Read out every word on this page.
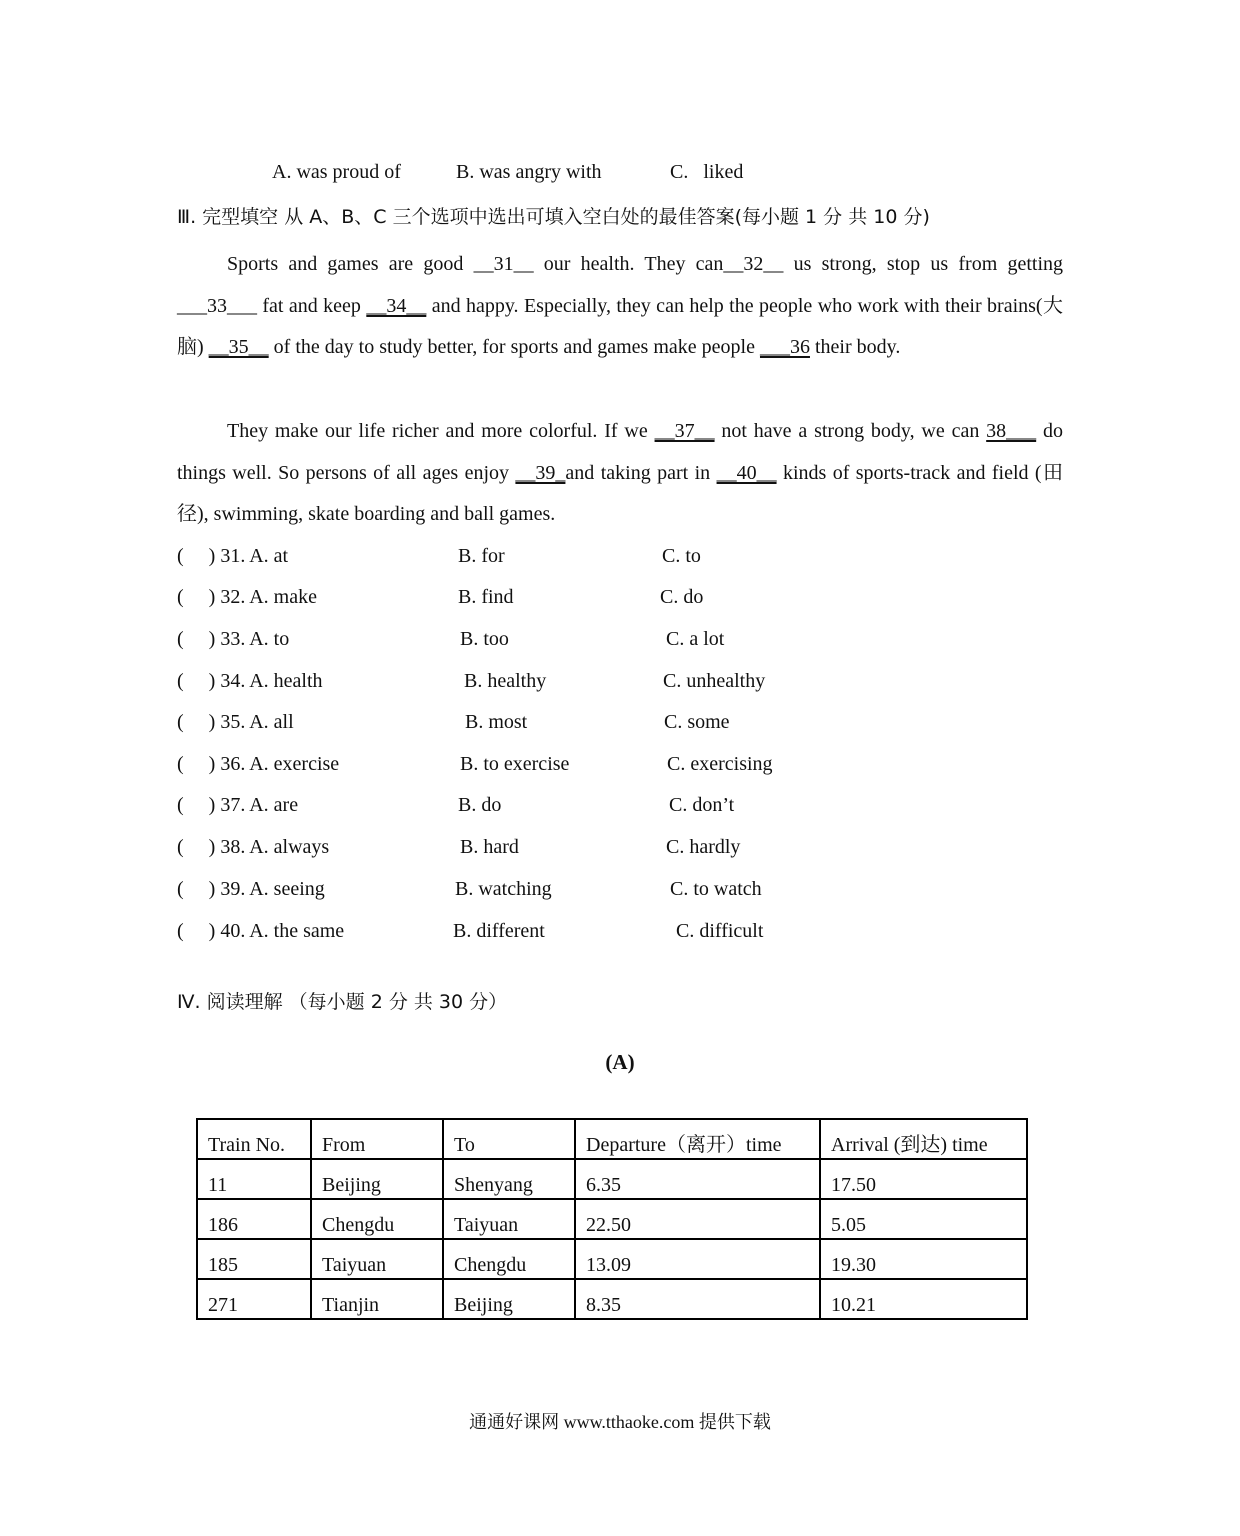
A. was proud of	B. was angry with	C.   liked
Ⅲ. 完型填空 从 A、B、C 三个选项中选出可填入空白处的最佳答案(每小题 1 分 共 10 分)
Sports and games are good __31__ our health. They can__32__ us strong, stop us from getting ___33___ fat and keep __34__ and happy. Especially, they can help the people who work with their brains(大脑) __35__ of the day to study better, for sports and games make people ___36 their body.
They make our life richer and more colorful. If we __37__ not have a strong body, we can 38___ do things well. So persons of all ages enjoy __39_and taking part in __40__ kinds of sports-track and field (田径), swimming, skate boarding and ball games.
(     ) 31. A. at	B. for	C. to
(     ) 32. A. make	B. find	C. do
(     ) 33. A. to	B. too	C. a lot
(     ) 34. A. health	B. healthy	C. unhealthy
(     ) 35. A. all	B. most	C. some
(     ) 36. A. exercise	B. to exercise	C. exercising
(     ) 37. A. are	B. do	C. don’t
(     ) 38. A. always	B. hard	C. hardly
(     ) 39. A. seeing	B. watching	C. to watch
(     ) 40. A. the same	B. different	C. difficult
Ⅳ. 阅读理解 （每小题 2 分 共 30 分）
(A)
Train No.	From	To	Departure（离开）time	Arrival (到达) time
11	Beijing	Shenyang	6.35	17.50
186	Chengdu	Taiyuan	22.50	5.05
185	Taiyuan	Chengdu	13.09	19.30
271	Tianjin	Beijing	8.35	10.21
通通好课网 www.tthaoke.com 提供下载
